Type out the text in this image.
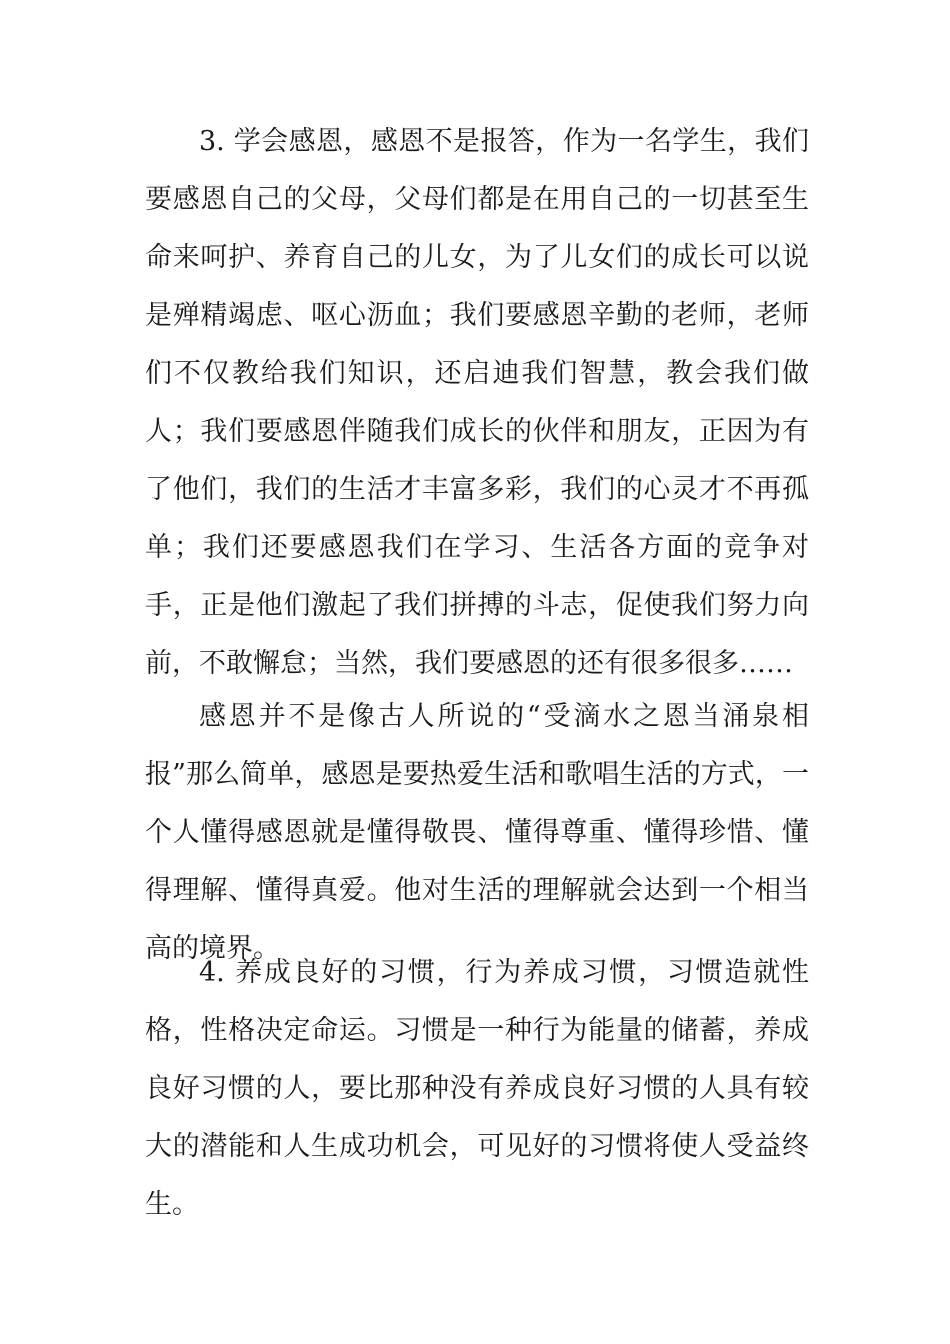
3. 学会感恩，感恩不是报答，作为一名学生，我们要感恩自己的父母，父母们都是在用自己的一切甚至生命来呵护、养育自己的儿女，为了儿女们的成长可以说是殚精竭虑、呕心沥血；我们要感恩辛勤的老师，老师们不仅教给我们知识，还启迪我们智慧，教会我们做人；我们要感恩伴随我们成长的伙伴和朋友，正因为有了他们，我们的生活才丰富多彩，我们的心灵才不再孤单；我们还要感恩我们在学习、生活各方面的竞争对手，正是他们激起了我们拼搏的斗志，促使我们努力向前，不敢懈怠；当然，我们要感恩的还有很多很多……

感恩并不是像古人所说的“受滴水之恩当涌泉相报”那么简单，感恩是要热爱生活和歌唱生活的方式，一个人懂得感恩就是懂得敬畏、懂得尊重、懂得珍惜、懂得理解、懂得真爱。他对生活的理解就会达到一个相当高的境界。

4. 养成良好的习惯，行为养成习惯，习惯造就性格，性格决定命运。习惯是一种行为能量的储蓄，养成良好习惯的人，要比那种没有养成良好习惯的人具有较大的潜能和人生成功机会，可见好的习惯将使人受益终生。
